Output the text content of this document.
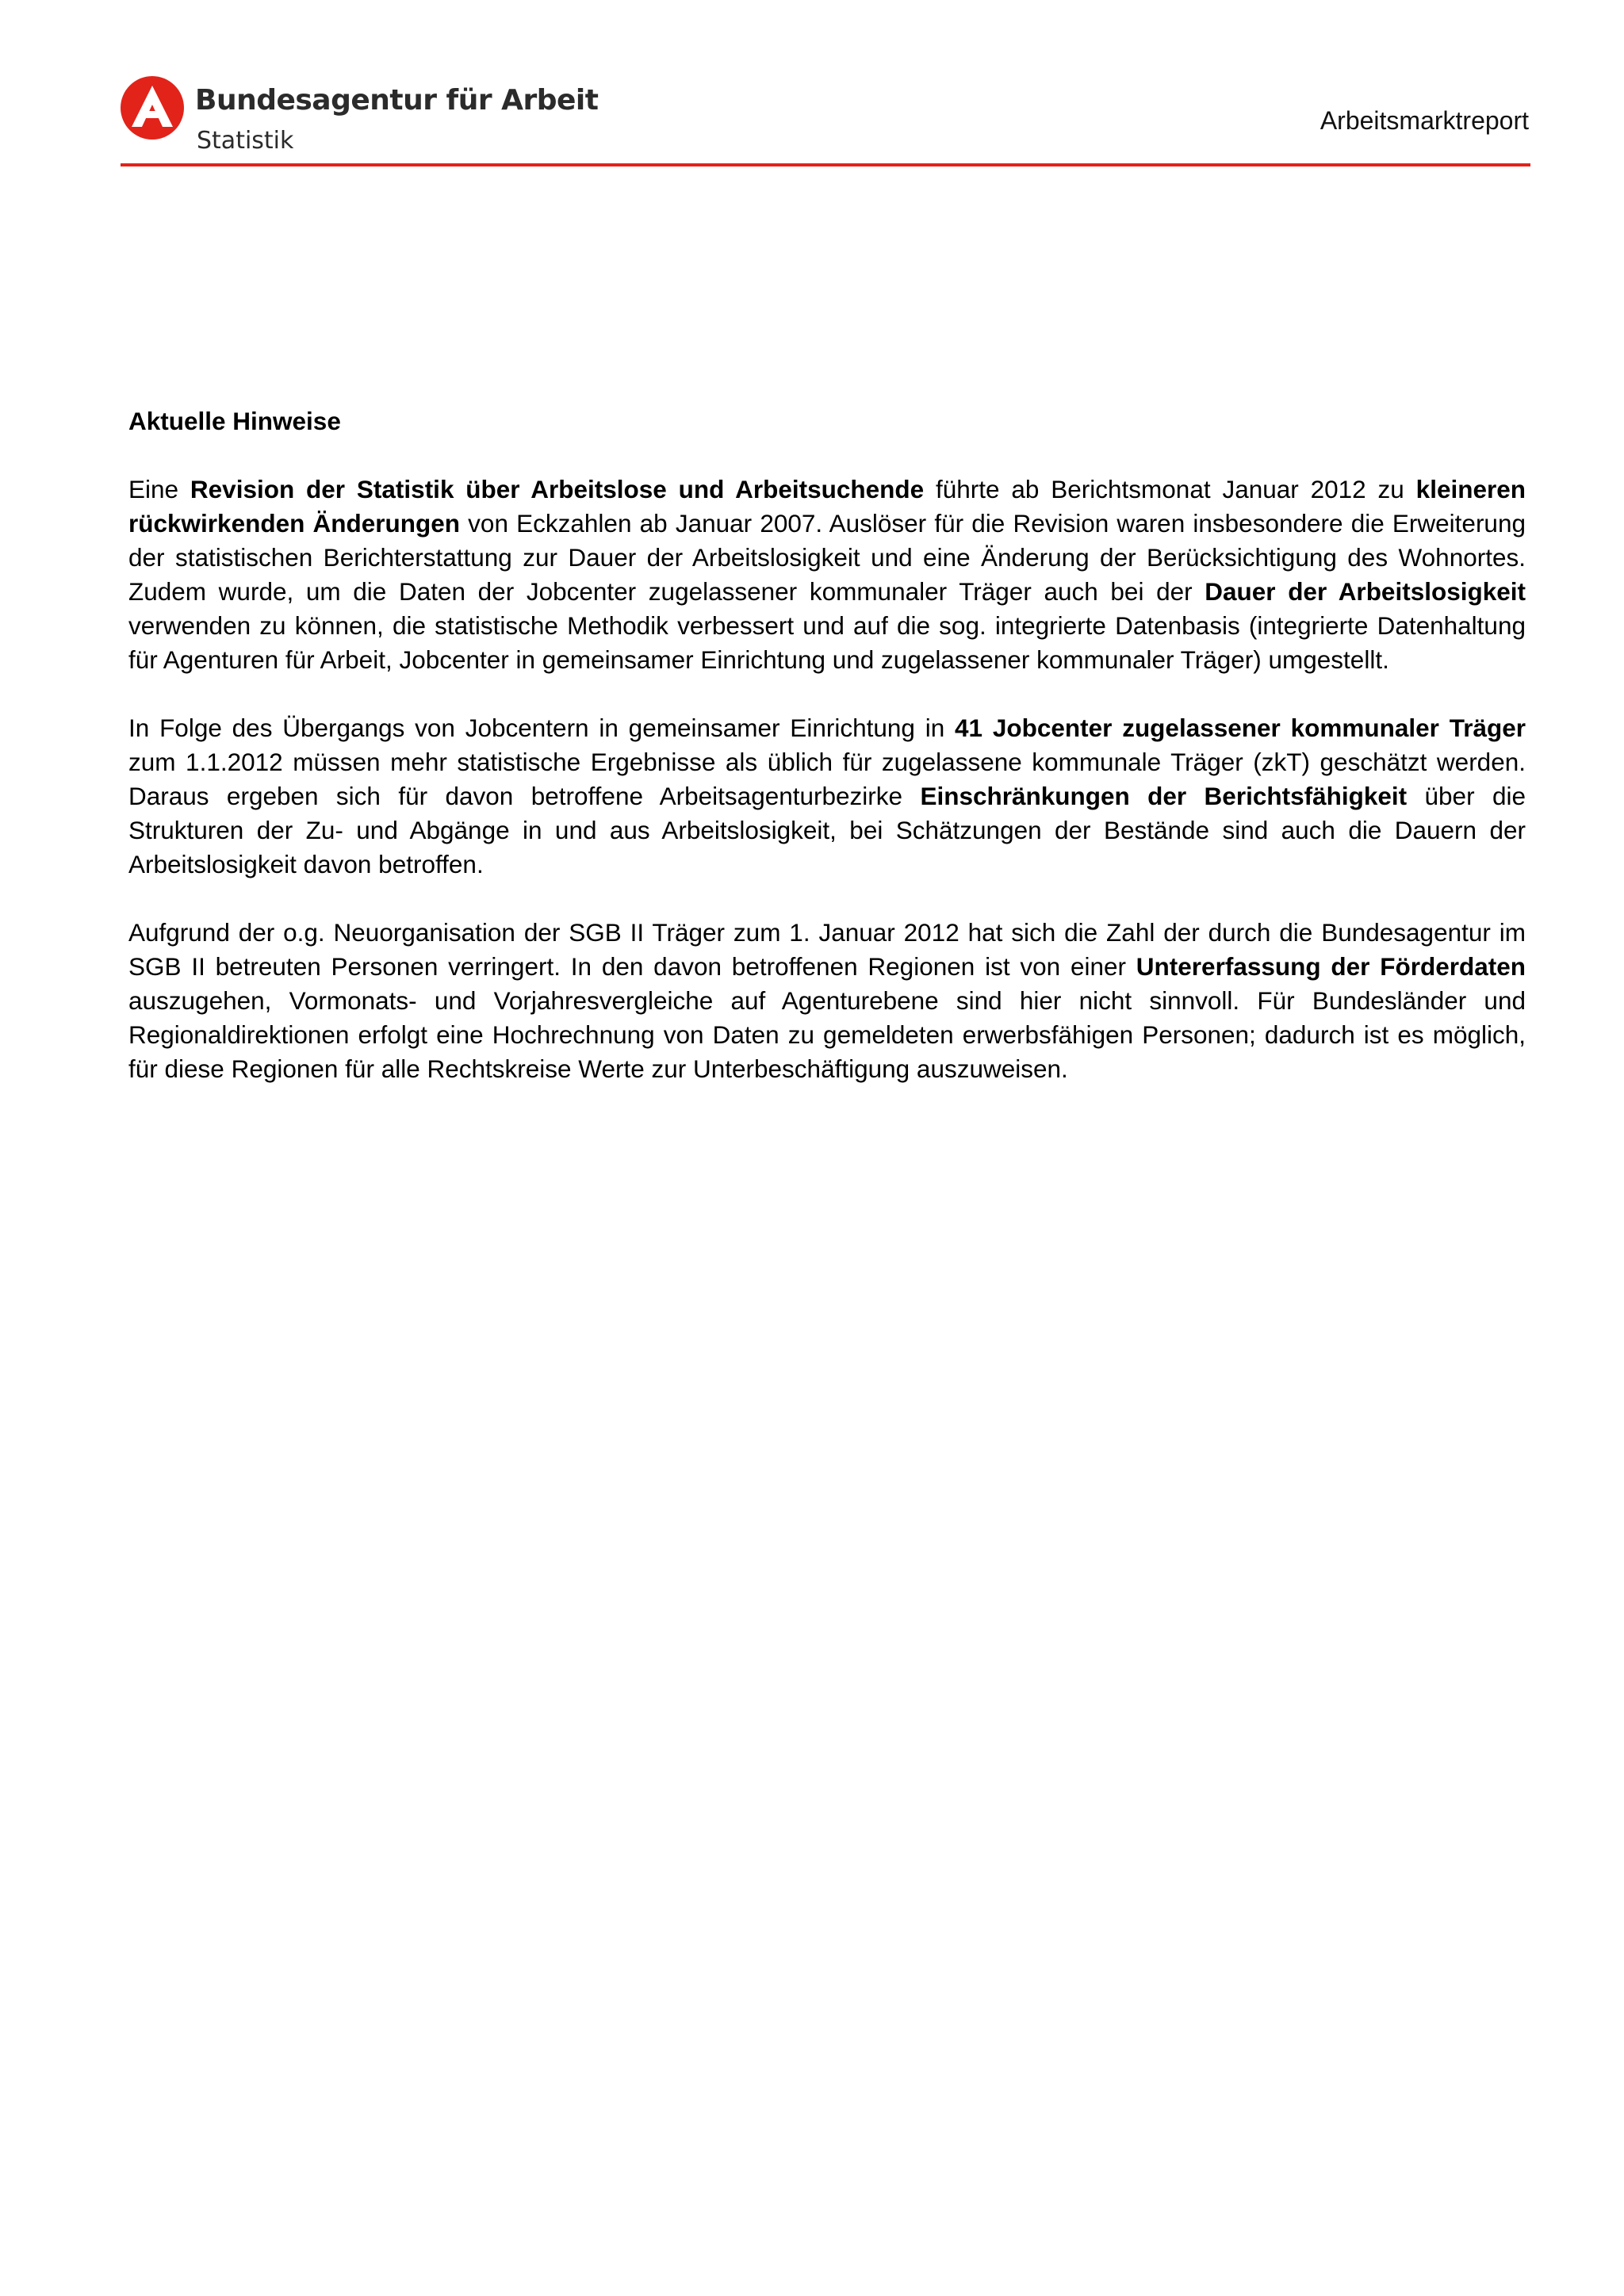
Bundesagentur für Arbeit
Statistik
Arbeitsmarktreport
Aktuelle Hinweise

Eine Revision der Statistik über Arbeitslose und Arbeitsuchende führte ab Berichtsmonat Januar 2012 zu kleineren rückwirkenden Änderungen von Eckzahlen ab Januar 2007. Auslöser für die Revision waren insbesondere die Erweiterung der statistischen Berichterstattung zur Dauer der Arbeitslosigkeit und eine Änderung der Berücksichtigung des Wohnortes. Zudem wurde, um die Daten der Jobcenter zugelassener kommunaler Träger auch bei der Dauer der Arbeitslosigkeit verwenden zu können, die statistische Methodik verbessert und auf die sog. integrierte Datenbasis (integrierte Datenhaltung für Agenturen für Arbeit, Jobcenter in gemeinsamer Einrichtung und zugelassener kommunaler Träger) umgestellt.

In Folge des Übergangs von Jobcentern in gemeinsamer Einrichtung in 41 Jobcenter zugelassener kommunaler Träger zum 1.1.2012 müssen mehr statistische Ergebnisse als üblich für zugelassene kommunale Träger (zkT) geschätzt werden. Daraus ergeben sich für davon betroffene Arbeitsagenturbezirke Einschränkungen der Berichtsfähigkeit über die Strukturen der Zu- und Abgänge in und aus Arbeitslosigkeit, bei Schätzungen der Bestände sind auch die Dauern der Arbeitslosigkeit davon betroffen.

Aufgrund der o.g. Neuorganisation der SGB II Träger zum 1. Januar 2012 hat sich die Zahl der durch die Bundesagentur im SGB II betreuten Personen verringert. In den davon betroffenen Regionen ist von einer Untererfassung der Förderdaten auszugehen, Vormonats- und Vorjahresvergleiche auf Agenturebene sind hier nicht sinnvoll. Für Bundesländer und Regionaldirektionen erfolgt eine Hochrechnung von Daten zu gemeldeten erwerbsfähigen Personen; dadurch ist es möglich, für diese Regionen für alle Rechtskreise Werte zur Unterbeschäftigung auszuweisen.
